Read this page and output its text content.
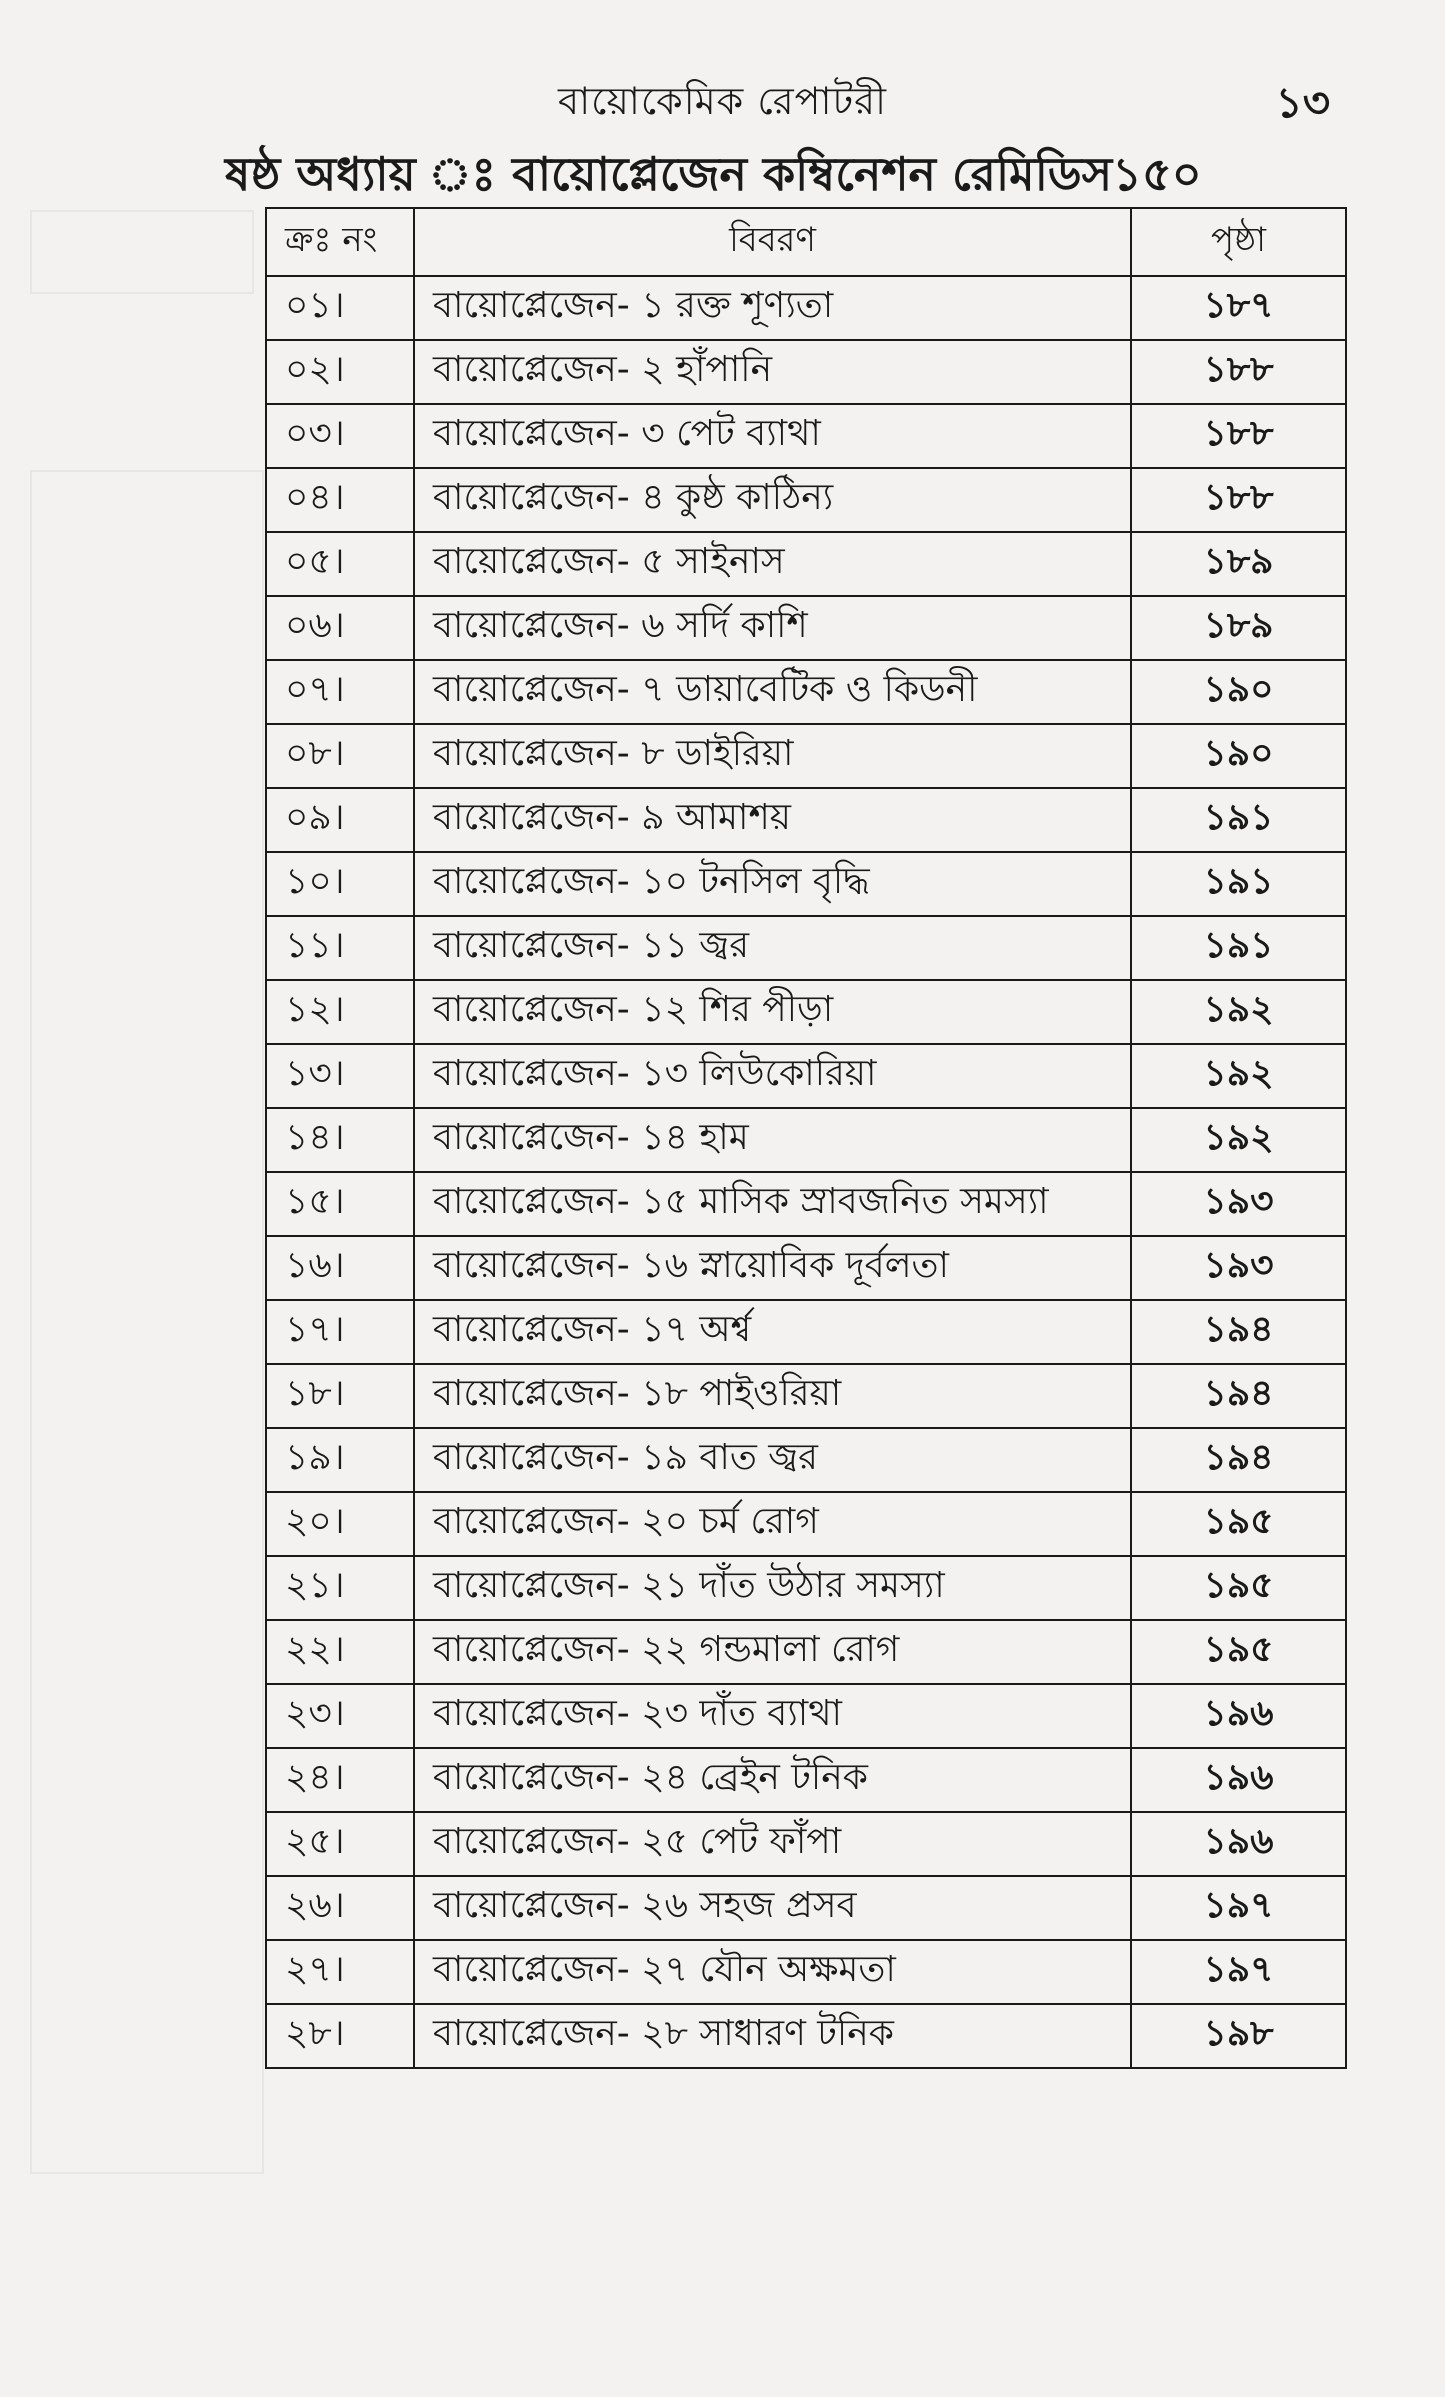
বায়োকেমিক রেপাটরী	১৩
ষষ্ঠ অধ্যায় ঃ বায়োপ্লেজেন কম্বিনেশন রেমিডিস১৫০
ক্রঃ নং	বিবরণ	পৃষ্ঠা
০১।	বায়োপ্লেজেন- ১ রক্ত শূণ্যতা	১৮৭
০২।	বায়োপ্লেজেন- ২ হাঁপানি	১৮৮
০৩।	বায়োপ্লেজেন- ৩ পেট ব্যাথা	১৮৮
০৪।	বায়োপ্লেজেন- ৪ কুষ্ঠ কাঠিন্য	১৮৮
০৫।	বায়োপ্লেজেন- ৫ সাইনাস	১৮৯
০৬।	বায়োপ্লেজেন- ৬ সর্দি কাশি	১৮৯
০৭।	বায়োপ্লেজেন- ৭ ডায়াবেটিক ও কিডনী	১৯০
০৮।	বায়োপ্লেজেন- ৮ ডাইরিয়া	১৯০
০৯।	বায়োপ্লেজেন- ৯ আমাশয়	১৯১
১০।	বায়োপ্লেজেন- ১০ টনসিল বৃদ্ধি	১৯১
১১।	বায়োপ্লেজেন- ১১ জ্বর	১৯১
১২।	বায়োপ্লেজেন- ১২ শির পীড়া	১৯২
১৩।	বায়োপ্লেজেন- ১৩ লিউকোরিয়া	১৯২
১৪।	বায়োপ্লেজেন- ১৪ হাম	১৯২
১৫।	বায়োপ্লেজেন- ১৫ মাসিক স্রাবজনিত সমস্যা	১৯৩
১৬।	বায়োপ্লেজেন- ১৬ স্নায়োবিক দূর্বলতা	১৯৩
১৭।	বায়োপ্লেজেন- ১৭ অর্শ্ব	১৯৪
১৮।	বায়োপ্লেজেন- ১৮ পাইওরিয়া	১৯৪
১৯।	বায়োপ্লেজেন- ১৯ বাত জ্বর	১৯৪
২০।	বায়োপ্লেজেন- ২০ চর্ম রোগ	১৯৫
২১।	বায়োপ্লেজেন- ২১ দাঁত উঠার সমস্যা	১৯৫
২২।	বায়োপ্লেজেন- ২২ গন্ডমালা রোগ	১৯৫
২৩।	বায়োপ্লেজেন- ২৩ দাঁত ব্যাথা	১৯৬
২৪।	বায়োপ্লেজেন- ২৪ ব্রেইন টনিক	১৯৬
২৫।	বায়োপ্লেজেন- ২৫ পেট ফাঁপা	১৯৬
২৬।	বায়োপ্লেজেন- ২৬ সহজ প্রসব	১৯৭
২৭।	বায়োপ্লেজেন- ২৭ যৌন অক্ষমতা	১৯৭
২৮।	বায়োপ্লেজেন- ২৮ সাধারণ টনিক	১৯৮
